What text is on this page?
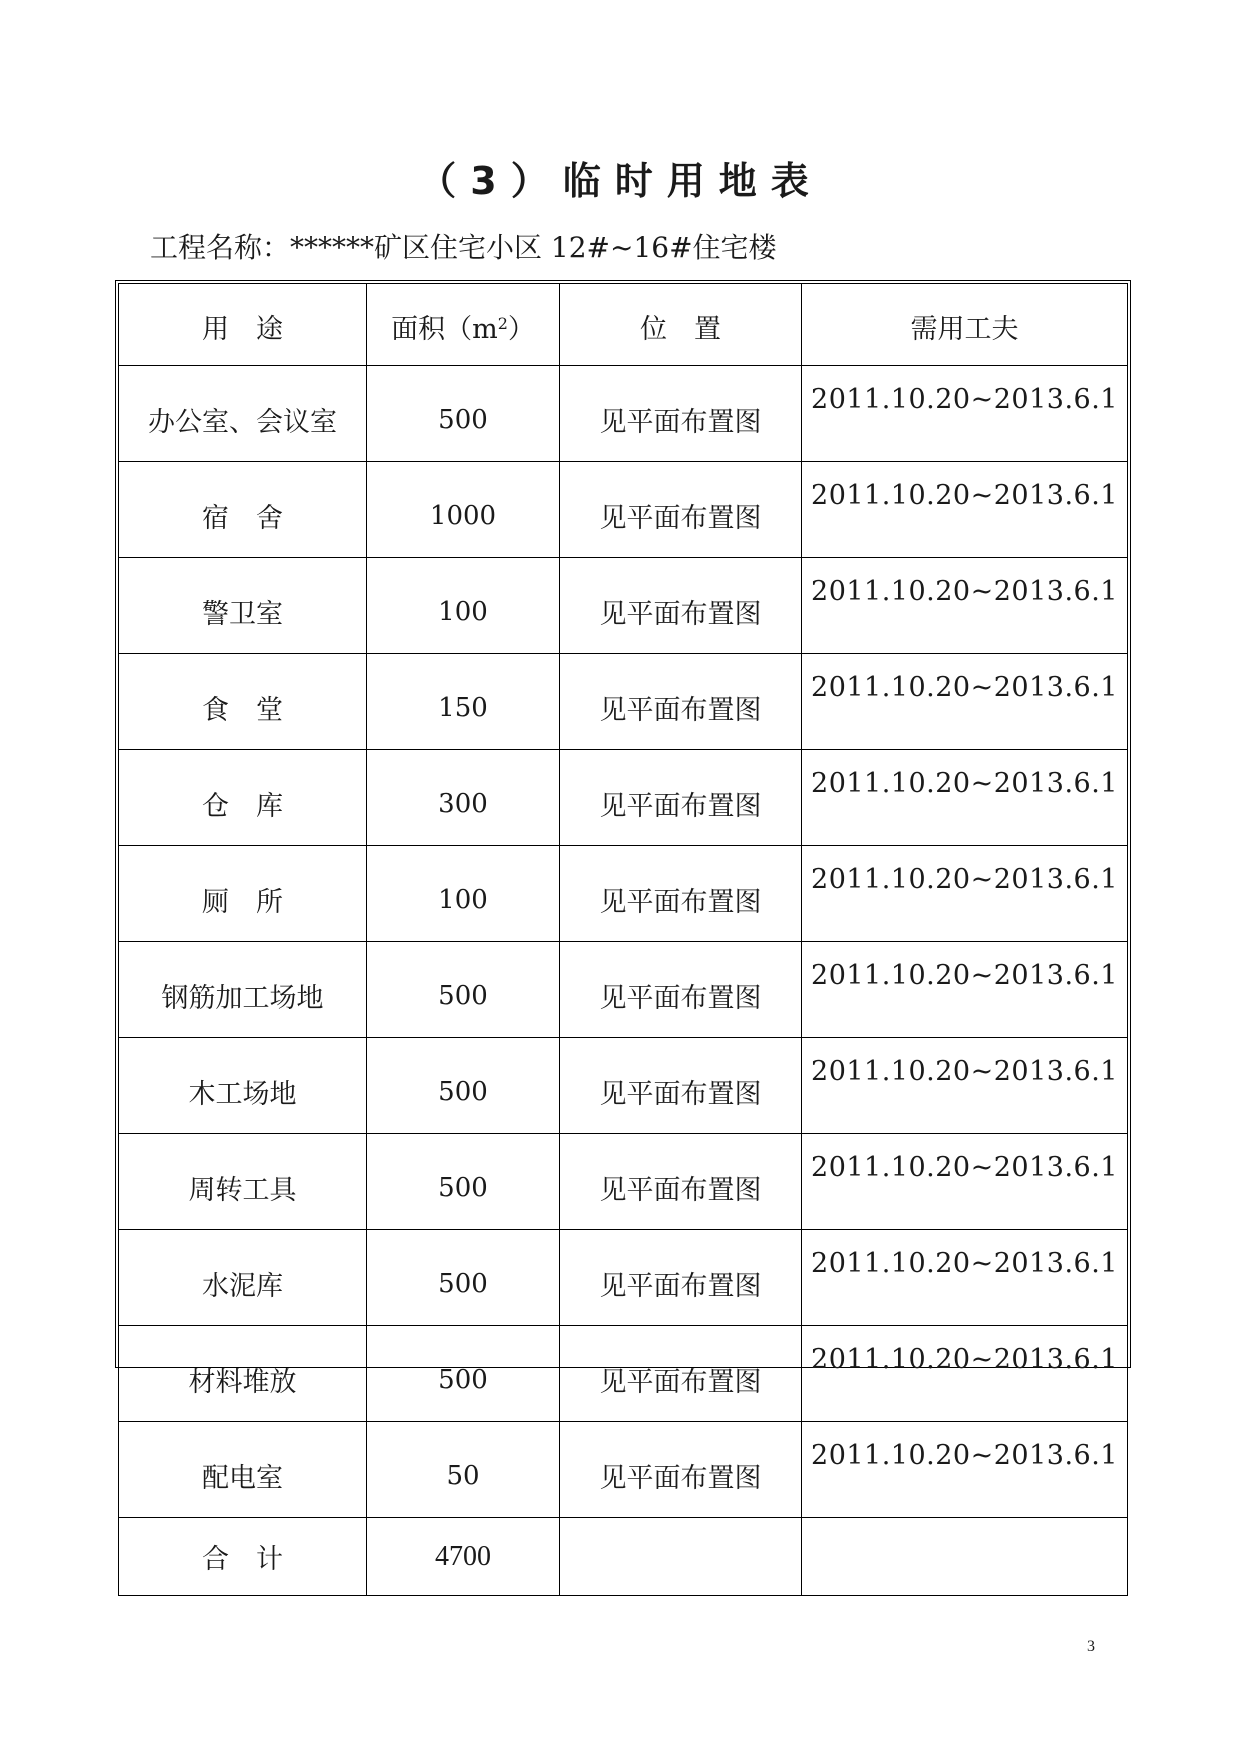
（3）临时用地表
工程名称：******矿区住宅小区 12#~16#住宅楼
用　途	面积$(m^2)$	位　置	需用工夫
办公室、会议室	500	见平面布置图	2011.10.20~2013.6.1
宿　舍	1000	见平面布置图	2011.10.20~2013.6.1
警卫室	100	见平面布置图	2011.10.20~2013.6.1
食　堂	150	见平面布置图	2011.10.20~2013.6.1
仓　库	300	见平面布置图	2011.10.20~2013.6.1
厕　所	100	见平面布置图	2011.10.20~2013.6.1
钢筋加工场地	500	见平面布置图	2011.10.20~2013.6.1
木工场地	500	见平面布置图	2011.10.20~2013.6.1
周转工具	500	见平面布置图	2011.10.20~2013.6.1
水泥库	500	见平面布置图	2011.10.20~2013.6.1
材料堆放	500	见平面布置图	2011.10.20~2013.6.1
配电室	50	见平面布置图	2011.10.20~2013.6.1
合　计	4700		
3
